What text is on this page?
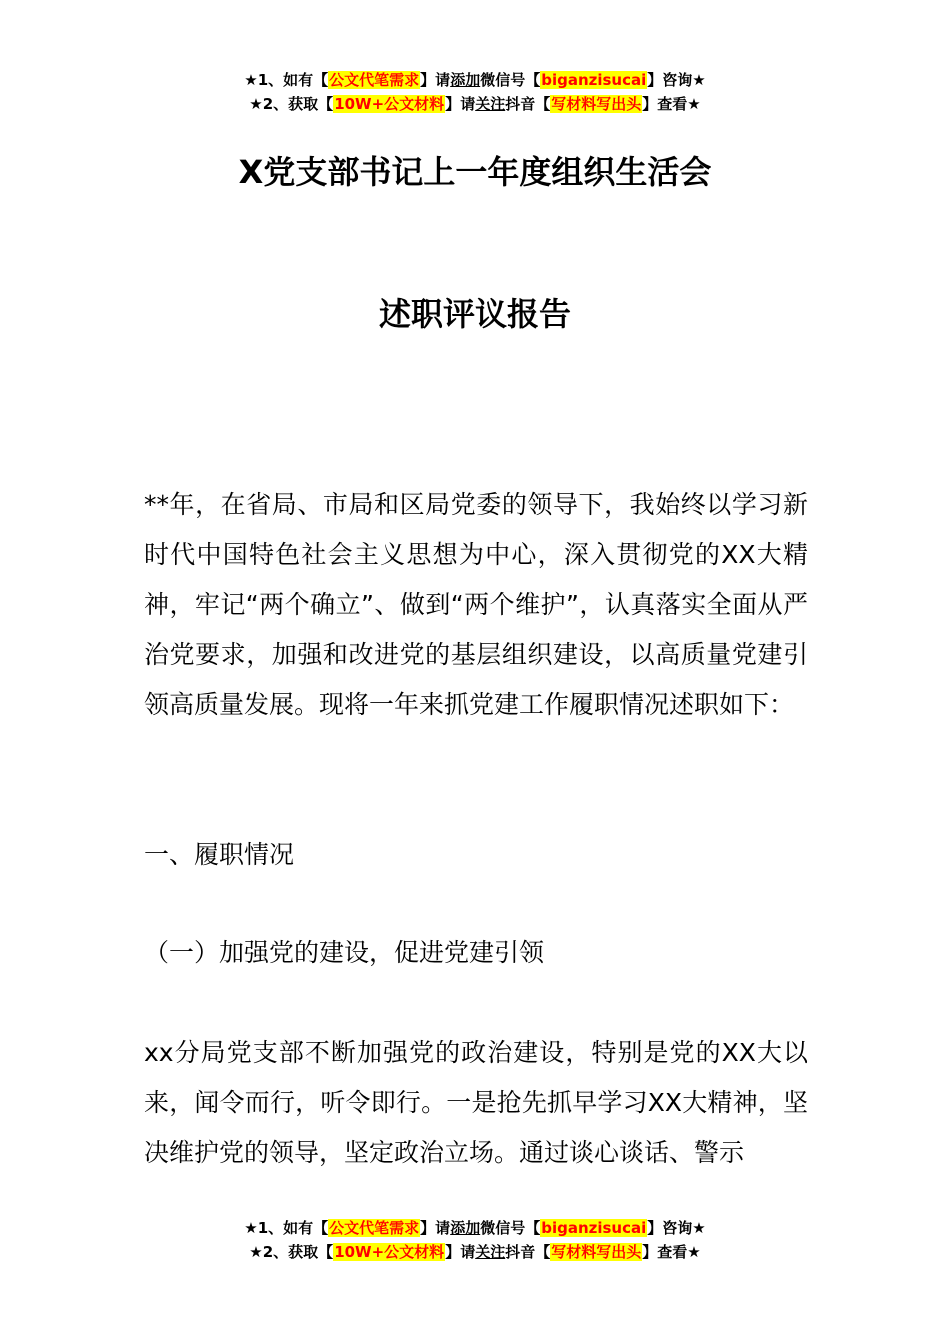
★1、如有【公文代笔需求】请添加微信号【biganzisucai】咨询★
★2、获取【10W+公文材料】请关注抖音【写材料写出头】查看★
X党支部书记上一年度组织生活会
述职评议报告
**年，在省局、市局和区局党委的领导下，我始终以学习新时代中国特色社会主义思想为中心，深入贯彻党的XX大精神，牢记“两个确立”、做到“两个维护”，认真落实全面从严治党要求，加强和改进党的基层组织建设，以高质量党建引领高质量发展。现将一年来抓党建工作履职情况述职如下：
一、履职情况
（一）加强党的建设，促进党建引领
xx分局党支部不断加强党的政治建设，特别是党的XX大以来，闻令而行，听令即行。一是抢先抓早学习XX大精神，坚决维护党的领导，坚定政治立场。通过谈心谈话、警示
★1、如有【公文代笔需求】请添加微信号【biganzisucai】咨询★
★2、获取【10W+公文材料】请关注抖音【写材料写出头】查看★
